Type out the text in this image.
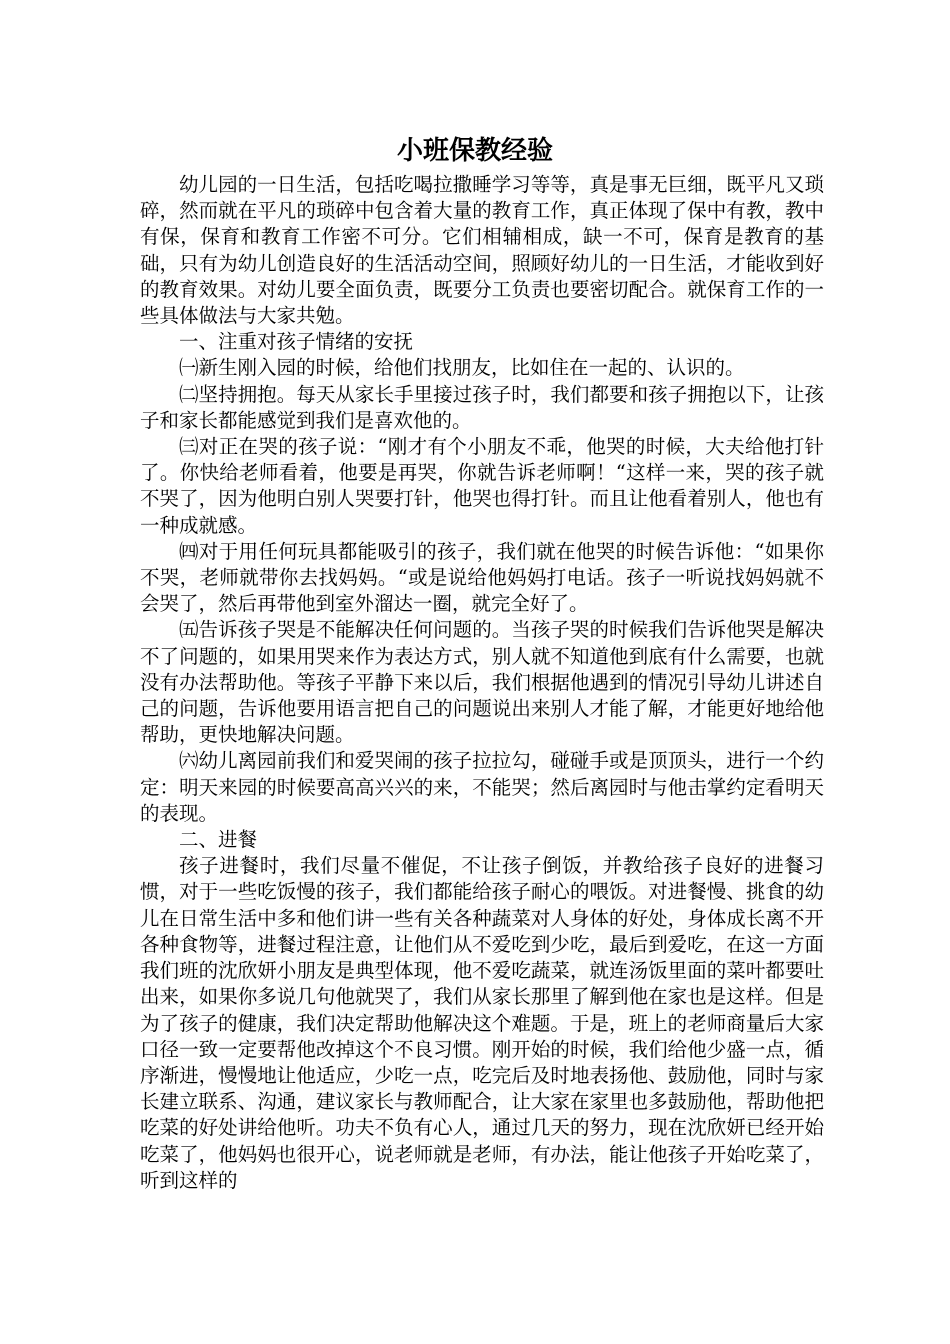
小班保教经验

幼儿园的一日生活，包括吃喝拉撒睡学习等等，真是事无巨细，既平凡又琐碎，然而就在平凡的琐碎中包含着大量的教育工作，真正体现了保中有教，教中有保，保育和教育工作密不可分。它们相辅相成，缺一不可，保育是教育的基础，只有为幼儿创造良好的生活活动空间，照顾好幼儿的一日生活，才能收到好的教育效果。对幼儿要全面负责，既要分工负责也要密切配合。就保育工作的一些具体做法与大家共勉。

一、注重对孩子情绪的安抚

㈠新生刚入园的时候，给他们找朋友，比如住在一起的、认识的。

㈡坚持拥抱。每天从家长手里接过孩子时，我们都要和孩子拥抱以下，让孩子和家长都能感觉到我们是喜欢他的。

㈢对正在哭的孩子说：“刚才有个小朋友不乖，他哭的时候，大夫给他打针了。你快给老师看着，他要是再哭，你就告诉老师啊！“这样一来，哭的孩子就不哭了，因为他明白别人哭要打针，他哭也得打针。而且让他看着别人，他也有一种成就感。

㈣对于用任何玩具都能吸引的孩子，我们就在他哭的时候告诉他：“如果你不哭，老师就带你去找妈妈。“或是说给他妈妈打电话。孩子一听说找妈妈就不会哭了，然后再带他到室外溜达一圈，就完全好了。

㈤告诉孩子哭是不能解决任何问题的。当孩子哭的时候我们告诉他哭是解决不了问题的，如果用哭来作为表达方式，别人就不知道他到底有什么需要，也就没有办法帮助他。等孩子平静下来以后，我们根据他遇到的情况引导幼儿讲述自己的问题，告诉他要用语言把自己的问题说出来别人才能了解，才能更好地给他帮助，更快地解决问题。

㈥幼儿离园前我们和爱哭闹的孩子拉拉勾，碰碰手或是顶顶头，进行一个约定：明天来园的时候要高高兴兴的来，不能哭；然后离园时与他击掌约定看明天的表现。

二、进餐

孩子进餐时，我们尽量不催促，不让孩子倒饭，并教给孩子良好的进餐习惯，对于一些吃饭慢的孩子，我们都能给孩子耐心的喂饭。对进餐慢、挑食的幼儿在日常生活中多和他们讲一些有关各种蔬菜对人身体的好处，身体成长离不开各种食物等，进餐过程注意，让他们从不爱吃到少吃，最后到爱吃，在这一方面我们班的沈欣妍小朋友是典型体现，他不爱吃蔬菜，就连汤饭里面的菜叶都要吐出来，如果你多说几句他就哭了，我们从家长那里了解到他在家也是这样。但是为了孩子的健康，我们决定帮助他解决这个难题。于是，班上的老师商量后大家口径一致一定要帮他改掉这个不良习惯。刚开始的时候，我们给他少盛一点，循序渐进，慢慢地让他适应，少吃一点，吃完后及时地表扬他、鼓励他，同时与家长建立联系、沟通，建议家长与教师配合，让大家在家里也多鼓励他，帮助他把吃菜的好处讲给他听。功夫不负有心人，通过几天的努力，现在沈欣妍已经开始吃菜了，他妈妈也很开心，说老师就是老师，有办法，能让他孩子开始吃菜了，听到这样的
